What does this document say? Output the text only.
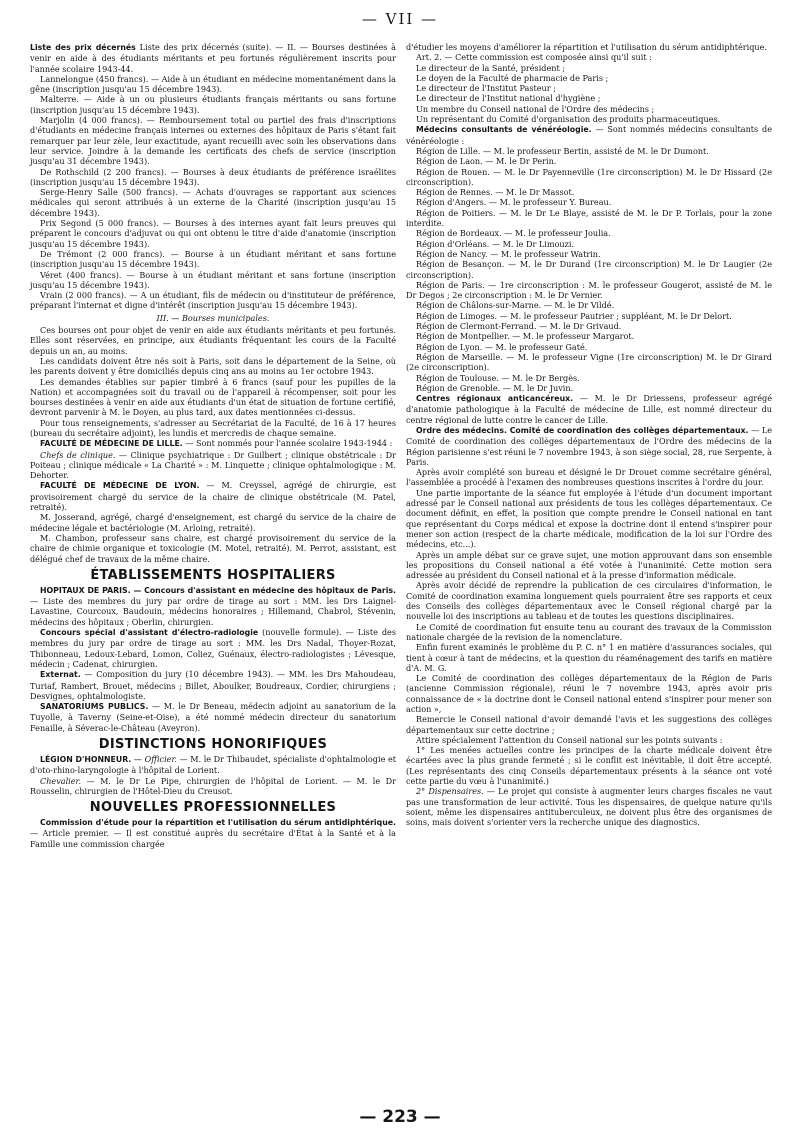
— VII —

Liste des prix décernés Liste des prix décernés (suite). — II. — Bourses destinées à venir en aide à des étudiants méritants et peu fortunés régulièrement inscrits pour l'année scolaire 1943-44.

Lannelongue (450 francs). — Aide à un étudiant en médecine momentanément dans la gêne (inscription jusqu'au 15 décembre 1943).

Malterre. — Aide à un ou plusieurs étudiants français méritants ou sans fortune (inscription jusqu'au 15 décembre 1943).

Marjolin (4 000 francs). — Remboursement total ou partiel des frais d'inscriptions d'étudiants en médecine français internes ou externes des hôpitaux de Paris s'étant fait remarquer par leur zèle, leur exactitude, ayant recueilli avec soin les observations dans leur service. Joindre à la demande les certificats des chefs de service (inscription jusqu'au 31 décembre 1943).

De Rothschild (2 200 francs). — Bourses à deux étudiants de préférence israélites (inscription jusqu'au 15 décembre 1943).

Serge-Henry Salle (500 francs). — Achats d'ouvrages se rapportant aux sciences médicales qui seront attribués à un externe de la Charité (inscription jusqu'au 15 décembre 1943).

Prix Segond (5 000 francs). — Bourses à des internes ayant fait leurs preuves qui préparent le concours d'adjuvat ou qui ont obtenu le titre d'aide d'anatomie (inscription jusqu'au 15 décembre 1943).

De Trémont (2 000 francs). — Bourse à un étudiant méritant et sans fortune (inscription jusqu'au 15 décembre 1943).

Véret (400 francs). — Bourse à un étudiant méritant et sans fortune (inscription jusqu'au 15 décembre 1943).

Vrain (2 000 francs). — A un étudiant, fils de médecin ou d'instituteur de préférence, préparant l'internat et digne d'intérêt (inscription jusqu'au 15 décembre 1943).

III. — Bourses municipales.

Ces bourses ont pour objet de venir en aide aux étudiants méritants et peu fortunés. Elles sont réservées, en principe, aux étudiants fréquentant les cours de la Faculté depuis un an, au moins.

Les candidats doivent être nés soit à Paris, soit dans le département de la Seine, où les parents doivent y être domiciliés depuis cinq ans au moins au 1er octobre 1943.

Les demandes établies sur papier timbré à 6 francs (sauf pour les pupilles de la Nation) et accompagnées soit du travail ou de l'appareil à récompenser, soit pour les bourses destinées à venir en aide aux étudiants d'un état de situation de fortune certifié, devront parvenir à M. le Doyen, au plus tard, aux dates mentionnées ci-dessus.

Pour tous renseignements, s'adresser au Secrétariat de la Faculté, de 16 à 17 heures (bureau du secrétaire adjoint), les lundis et mercredis de chaque semaine.

FACULTÉ DE MÉDECINE DE LILLE. — Sont nommés pour l'année scolaire 1943-1944 :

Chefs de clinique. — Clinique psychiatrique : Dr Guilbert ; clinique obstétricale : Dr Poiteau ; clinique médicale « La Charité » : M. Linquette ; clinique ophtalmologique : M. Dehorter.

FACULTÉ DE MÉDECINE DE LYON. — M. Creyssel, agrégé de chirurgie, est provisoirement chargé du service de la chaire de clinique obstétricale (M. Patel, retraité).

M. Josserand, agrégé, chargé d'enseignement, est chargé du service de la chaire de médecine légale et bactériologie (M. Arloing, retraité).

M. Chambon, professeur sans chaire, est chargé provisoirement du service de la chaire de chimie organique et toxicologie (M. Motel, retraité). M. Perrot, assistant, est délégué chef de travaux de la même chaire.

ÉTABLISSEMENTS HOSPITALIERS

HOPITAUX DE PARIS. — Concours d'assistant en médecine des hôpitaux de Paris. — Liste des membres du jury par ordre de tirage au sort : MM. les Drs Laignel-Lavastine, Courcoux, Baudouin, médecins honoraires ; Hillemand, Chabrol, Stévenin, médecins des hôpitaux ; Oberlin, chirurgien.

Concours spécial d'assistant d'électro-radiologie (nouvelle formule). — Liste des membres du jury par ordre de tirage au sort : MM. les Drs Nadal, Thoyer-Rozat, Thibonneau, Ledoux-Lebard, Lomon, Coliez, Guénaux, électro-radiologistes ; Lévesque, médecin ; Cadenat, chirurgien.

Externat. — Composition du jury (10 décembre 1943). — MM. les Drs Mahoudeau, Turiaf, Rambert, Brouet, médecins ; Billet, Aboulker, Boudreaux, Cordier, chirurgiens ; Desvignes, ophtalmologiste.

SANATORIUMS PUBLICS. — M. le Dr Beneau, médecin adjoint au sanatorium de la Tuyolle, à Taverny (Seine-et-Oise), a été nommé médecin directeur du sanatorium Fenaille, à Séverac-le-Château (Aveyron).

DISTINCTIONS HONORIFIQUES

LÉGION D'HONNEUR. — Officier. — M. le Dr Thibaudet, spécialiste d'ophtalmologie et d'oto-rhino-laryngologie à l'hôpital de Lorient.

Chevalier. — M. le Dr Le Pipe, chirurgien de l'hôpital de Lorient. — M. le Dr Rousselin, chirurgien de l'Hôtel-Dieu du Creusot.

NOUVELLES PROFESSIONNELLES

Commission d'étude pour la répartition et l'utilisation du sérum antidiphtérique. — Article premier. — Il est constitué auprès du secrétaire d'État à la Santé et à la Famille une commission chargée

d'étudier les moyens d'améliorer la répartition et l'utilisation du sérum antidiphtérique.

Art. 2. — Cette commission est composée ainsi qu'il suit :

Le directeur de la Santé, président ;

Le doyen de la Faculté de pharmacie de Paris ;

Le directeur de l'Institut Pasteur ;

Le directeur de l'Institut national d'hygiène ;

Un membre du Conseil national de l'Ordre des médecins ;

Un représentant du Comité d'organisation des produits pharmaceutiques.

Médecins consultants de vénéréologie. — Sont nommés médecins consultants de vénéréologie :

Région de Lille. — M. le professeur Bertin, assisté de M. le Dr Dumont.

Région de Laon. — M. le Dr Perin.

Région de Rouen. — M. le Dr Payenneville (1re circonscription) M. le Dr Hissard (2e circonscription).

Région de Rennes. — M. le Dr Massot.

Région d'Angers. — M. le professeur Y. Bureau.

Région de Poitiers. — M. le Dr Le Blaye, assisté de M. le Dr P. Torlais, pour la zone interdite.

Région de Bordeaux. — M. le professeur Joulia.

Région d'Orléans. — M. le Dr Limouzi.

Région de Nancy. — M. le professeur Watrin.

Région de Besançon. — M. le Dr Durand (1re circonscription) M. le Dr Laugier (2e circonscription).

Région de Paris. — 1re circonscription : M. le professeur Gougerot, assisté de M. le Dr Degos ; 2e circonscription : M. le Dr Vernier.

Région de Châlons-sur-Marne. — M. le Dr Vildé.

Région de Limoges. — M. le professeur Pautrier ; suppléant, M. le Dr Delort.

Région de Clermont-Ferrand. — M. le Dr Grivaud.

Région de Montpellier. — M. le professeur Margarot.

Région de Lyon. — M. le professeur Gaté.

Région de Marseille. — M. le professeur Vigne (1re circonscription) M. le Dr Girard (2e circonscription).

Région de Toulouse. — M. le Dr Bergès.

Région de Grenoble. — M. le Dr Juvin.

Centres régionaux anticancéreux. — M. le Dr Driessens, professeur agrégé d'anatomie pathologique à la Faculté de médecine de Lille, est nommé directeur du centre régional de lutte contre le cancer de Lille.

Ordre des médecins. Comité de coordination des collèges départementaux. — Le Comité de coordination des collèges départementaux de l'Ordre des médecins de la Région parisienne s'est réuni le 7 novembre 1943, à son siège social, 28, rue Serpente, à Paris.

Après avoir complété son bureau et désigné le Dr Drouet comme secrétaire général, l'assemblée a procédé à l'examen des nombreuses questions inscrites à l'ordre du jour.

Une partie importante de la séance fut employée à l'étude d'un document important adressé par le Conseil national aux présidents de tous les collèges départementaux. Ce document définit, en effet, la position que compte prendre le Conseil national en tant que représentant du Corps médical et expose la doctrine dont il entend s'inspirer pour mener son action (respect de la charte médicale, modification de la loi sur l'Ordre des médecins, etc...).

Après un ample débat sur ce grave sujet, une motion approuvant dans son ensemble les propositions du Conseil national a été votée à l'unanimité. Cette motion sera adressée au président du Conseil national et à la presse d'information médicale.

Après avoir décidé de reprendre la publication de ces circulaires d'information, le Comité de coordination examina longuement quels pourraient être ses rapports et ceux des Conseils des collèges départementaux avec le Conseil régional chargé par la nouvelle loi des inscriptions au tableau et de toutes les questions disciplinaires.

Le Comité de coordination fut ensuite tenu au courant des travaux de la Commission nationale chargée de la revision de la nomenclature.

Enfin furent examinés le problème du P. C. n° 1 en matière d'assurances sociales, qui tient à cœur à tant de médecins, et la question du réaménagement des tarifs en matière d'A. M. G.

Le Comité de coordination des collèges départementaux de la Région de Paris (ancienne Commission régionale), réuni le 7 novembre 1943, après avoir pris connaissance de « la doctrine dont le Conseil national entend s'inspirer pour mener son action »,

Remercie le Conseil national d'avoir demandé l'avis et les suggestions des collèges départementaux sur cette doctrine ;

Attire spécialement l'attention du Conseil national sur les points suivants :

1° Les menées actuelles contre les principes de la charte médicale doivent être écartées avec la plus grande fermeté ; si le conflit est inévitable, il doit être accepté. (Les représentants des cinq Conseils départementaux présents à la séance ont voté cette partie du vœu à l'unanimité.)

2° Dispensaires. — Le projet qui consiste à augmenter leurs charges fiscales ne vaut pas une transformation de leur activité. Tous les dispensaires, de quelque nature qu'ils soient, même les dispensaires antituberculeux, ne doivent plus être des organismes de soins, mais doivent s'orienter vers la recherche unique des diagnostics.

— 223 —
